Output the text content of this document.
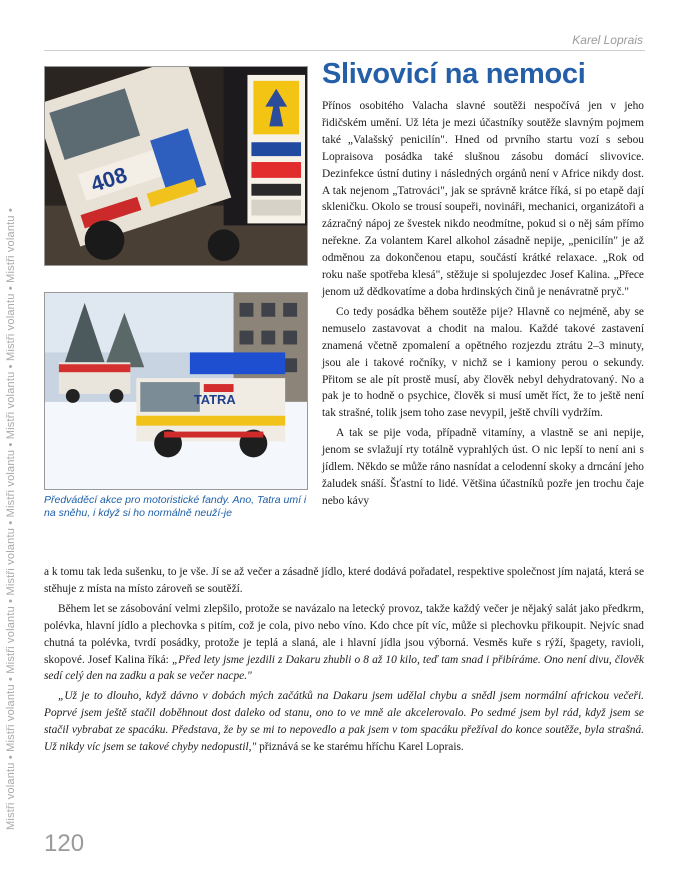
Mistři volantu • Mistři volantu • Mistři volantu • Mistři volantu • Mistři volantu • Mistři volantu • Mistři volantu • Mistři volantu •
Karel Loprais
408
TATRA
Předváděcí akce pro motoristické fandy. Ano, Tatra umí i na sněhu, i když si ho normálně neuží-je
Slivovicí na nemoci

Přínos osobitého Valacha slavné soutěži nespočívá jen v jeho řidičském umění. Už léta je mezi účastníky soutěže slavným pojmem také „Valašský penicilín". Hned od prvního startu vozí s sebou Lopraisova posádka také slušnou zásobu domácí slivovice. Dezinfekce ústní dutiny i následných orgánů není v Africe nikdy dost. A tak nejenom „Tatrováci", jak se správně krátce říká, si po etapě dají skleničku. Okolo se trousí soupeři, novináři, mechanici, organizátoři a zázračný nápoj ze švestek nikdo neodmítne, pokud si o něj sám přímo neřekne. Za volantem Karel alkohol zásadně nepije, „penicilín" je až odměnou za dokončenou etapu, součástí krátké relaxace. „Rok od roku naše spotřeba klesá", stěžuje si spolujezdec Josef Kalina. „Přece jenom už dědkovatíme a doba hrdinských činů je nenávratně pryč."

Co tedy posádka během soutěže pije? Hlavně co nejméně, aby se nemuselo zastavovat a chodit na malou. Každé takové zastavení znamená včetně zpomalení a opětného rozjezdu ztrátu 2–3 minuty, jsou ale i takové ročníky, v nichž se i kamiony perou o sekundy. Přitom se ale pít prostě musí, aby člověk nebyl dehydratovaný. No a pak je to hodně o psychice, člověk si musí umět říct, že to ještě není tak strašné, tolik jsem toho zase nevypil, ještě chvíli vydržím.

A tak se pije voda, případně vitamíny, a vlastně se ani nepije, jenom se svlažují rty totálně vyprahlých úst. O nic lepší to není ani s jídlem. Někdo se může ráno nasnídat a celodenní skoky a drncání jeho žaludek snáší. Šťastní to lidé. Většina účastníků pozře jen trochu čaje nebo kávy

a k tomu tak leda sušenku, to je vše. Jí se až večer a zásadně jídlo, které dodává pořadatel, respektive společnost jím najatá, která se stěhuje z místa na místo zároveň se soutěží.

Během let se zásobování velmi zlepšilo, protože se navázalo na letecký provoz, takže každý večer je nějaký salát jako předkrm, polévka, hlavní jídlo a plechovka s pitím, což je cola, pivo nebo víno. Kdo chce pít víc, může si plechovku přikoupit. Nejvíc snad chutná ta polévka, tvrdí posádky, protože je teplá a slaná, ale i hlavní jídla jsou výborná. Vesměs kuře s rýží, špagety, ravioli, skopové. Josef Kalina říká: „Před lety jsme jezdili z Dakaru zhubli o 8 až 10 kilo, teď tam snad i přibíráme. Ono není divu, člověk sedí celý den na zadku a pak se večer nacpe."

„Už je to dlouho, když dávno v dobách mých začátků na Dakaru jsem udělal chybu a snědl jsem normální africkou večeři. Poprvé jsem ještě stačil doběhnout dost daleko od stanu, ono to ve mně ale akcelerovalo. Po sedmé jsem byl rád, když jsem se stačil vybrabat ze spacáku. Představa, že by se mi to nepovedlo a pak jsem v tom spacáku přežíval do konce soutěže, byla strašná. Už nikdy víc jsem se takové chyby nedopustil," přiznává se ke starému hříchu Karel Loprais.

120
